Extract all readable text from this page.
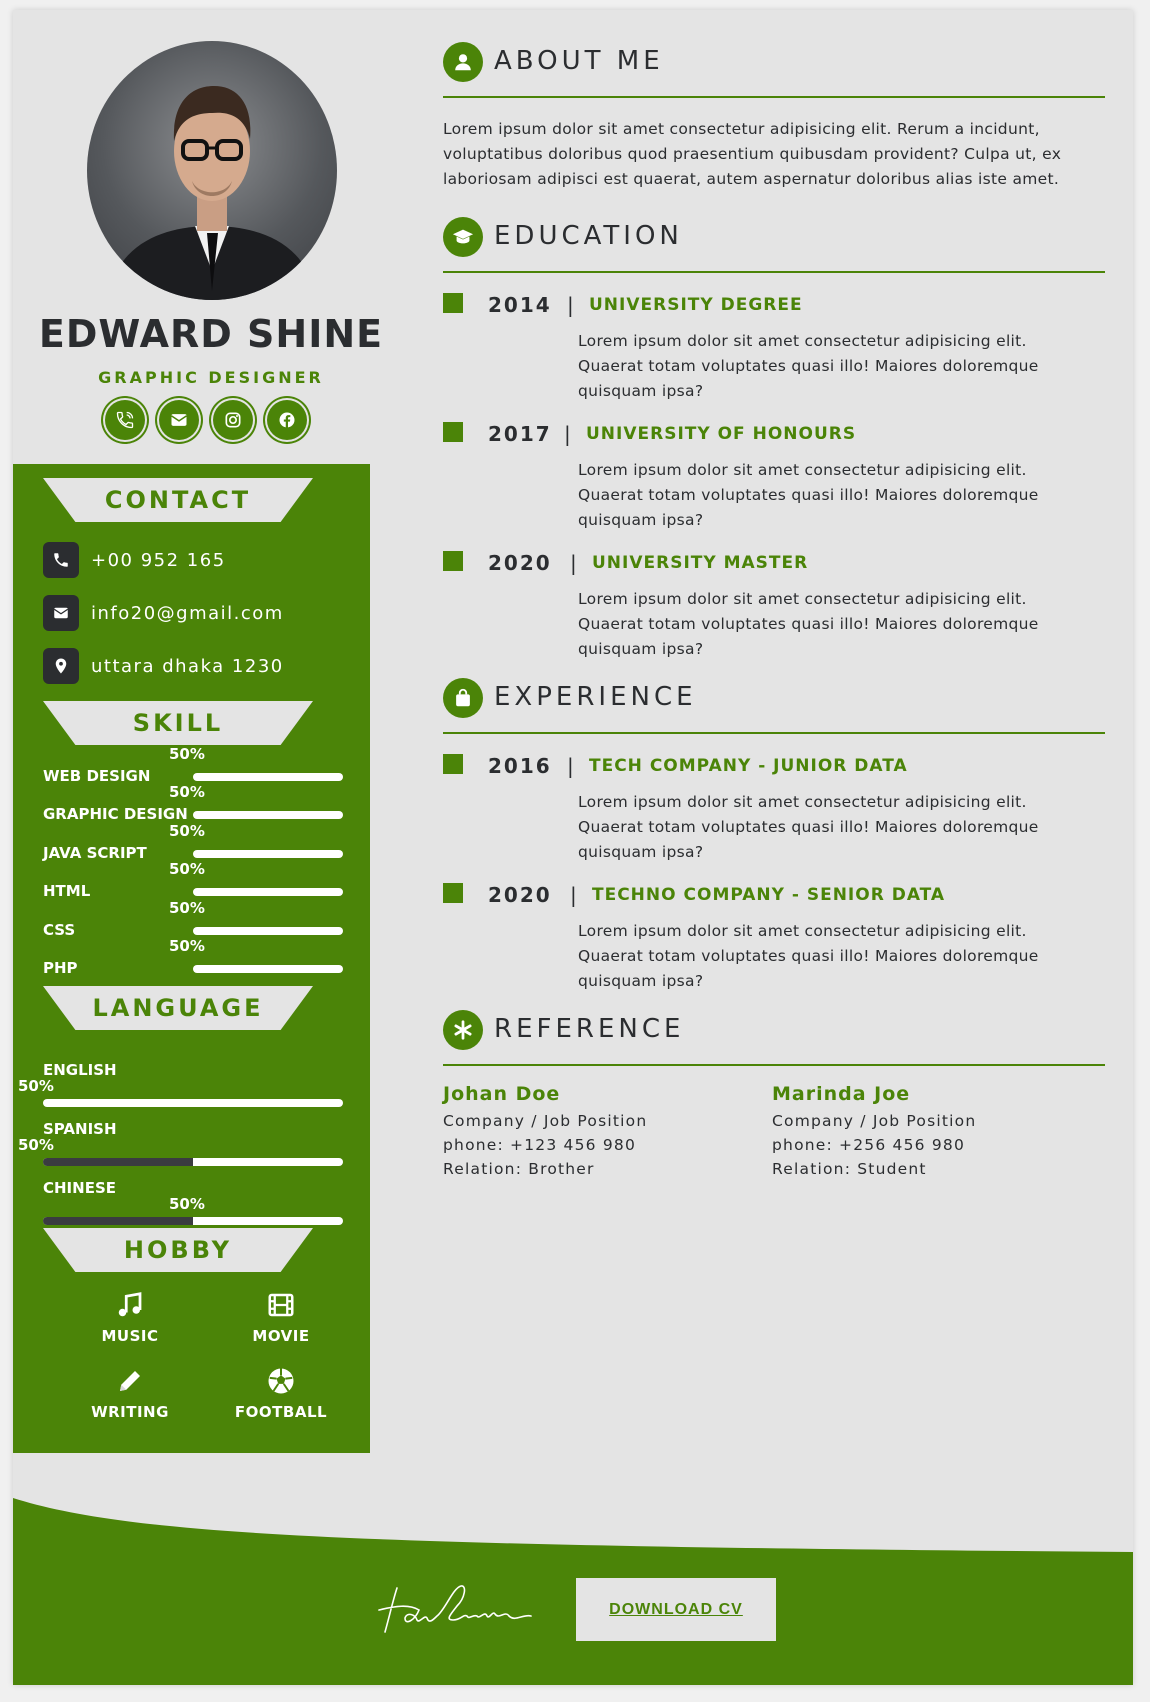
EDWARD SHINE
GRAPHIC DESIGNER
CONTACT
+00 952 165
info20@gmail.com
uttara dhaka 1230
SKILL
WEB DESIGN
50%
GRAPHIC DESIGN
50%
JAVA SCRIPT
50%
HTML
50%
CSS
50%
PHP
50%
LANGUAGE
ENGLISH
50%
SPANISH
50%
CHINESE
50%
HOBBY
MUSIC	MOVIE
WRITING	FOOTBALL
ABOUT ME

Lorem ipsum dolor sit amet consectetur adipisicing elit. Rerum a incidunt, voluptatibus doloribus quod praesentium quibusdam provident? Culpa ut, ex laboriosam adipisci est quaerat, autem aspernatur doloribus alias iste amet.

EDUCATION
2014 | UNIVERSITY DEGREE

Lorem ipsum dolor sit amet consectetur adipisicing elit. Quaerat totam voluptates quasi illo! Maiores doloremque quisquam ipsa?

2017 | UNIVERSITY OF HONOURS

Lorem ipsum dolor sit amet consectetur adipisicing elit. Quaerat totam voluptates quasi illo! Maiores doloremque quisquam ipsa?

2020 | UNIVERSITY MASTER

Lorem ipsum dolor sit amet consectetur adipisicing elit. Quaerat totam voluptates quasi illo! Maiores doloremque quisquam ipsa?

EXPERIENCE
2016 | TECH COMPANY - JUNIOR DATA

Lorem ipsum dolor sit amet consectetur adipisicing elit. Quaerat totam voluptates quasi illo! Maiores doloremque quisquam ipsa?

2020 | TECHNO COMPANY - SENIOR DATA

Lorem ipsum dolor sit amet consectetur adipisicing elit. Quaerat totam voluptates quasi illo! Maiores doloremque quisquam ipsa?

REFERENCE
Johan Doe
Company / Job Position
phone: +123 456 980
Relation: Brother
Marinda Joe
Company / Job Position
phone: +256 456 980
Relation: Student
DOWNLOAD CV
